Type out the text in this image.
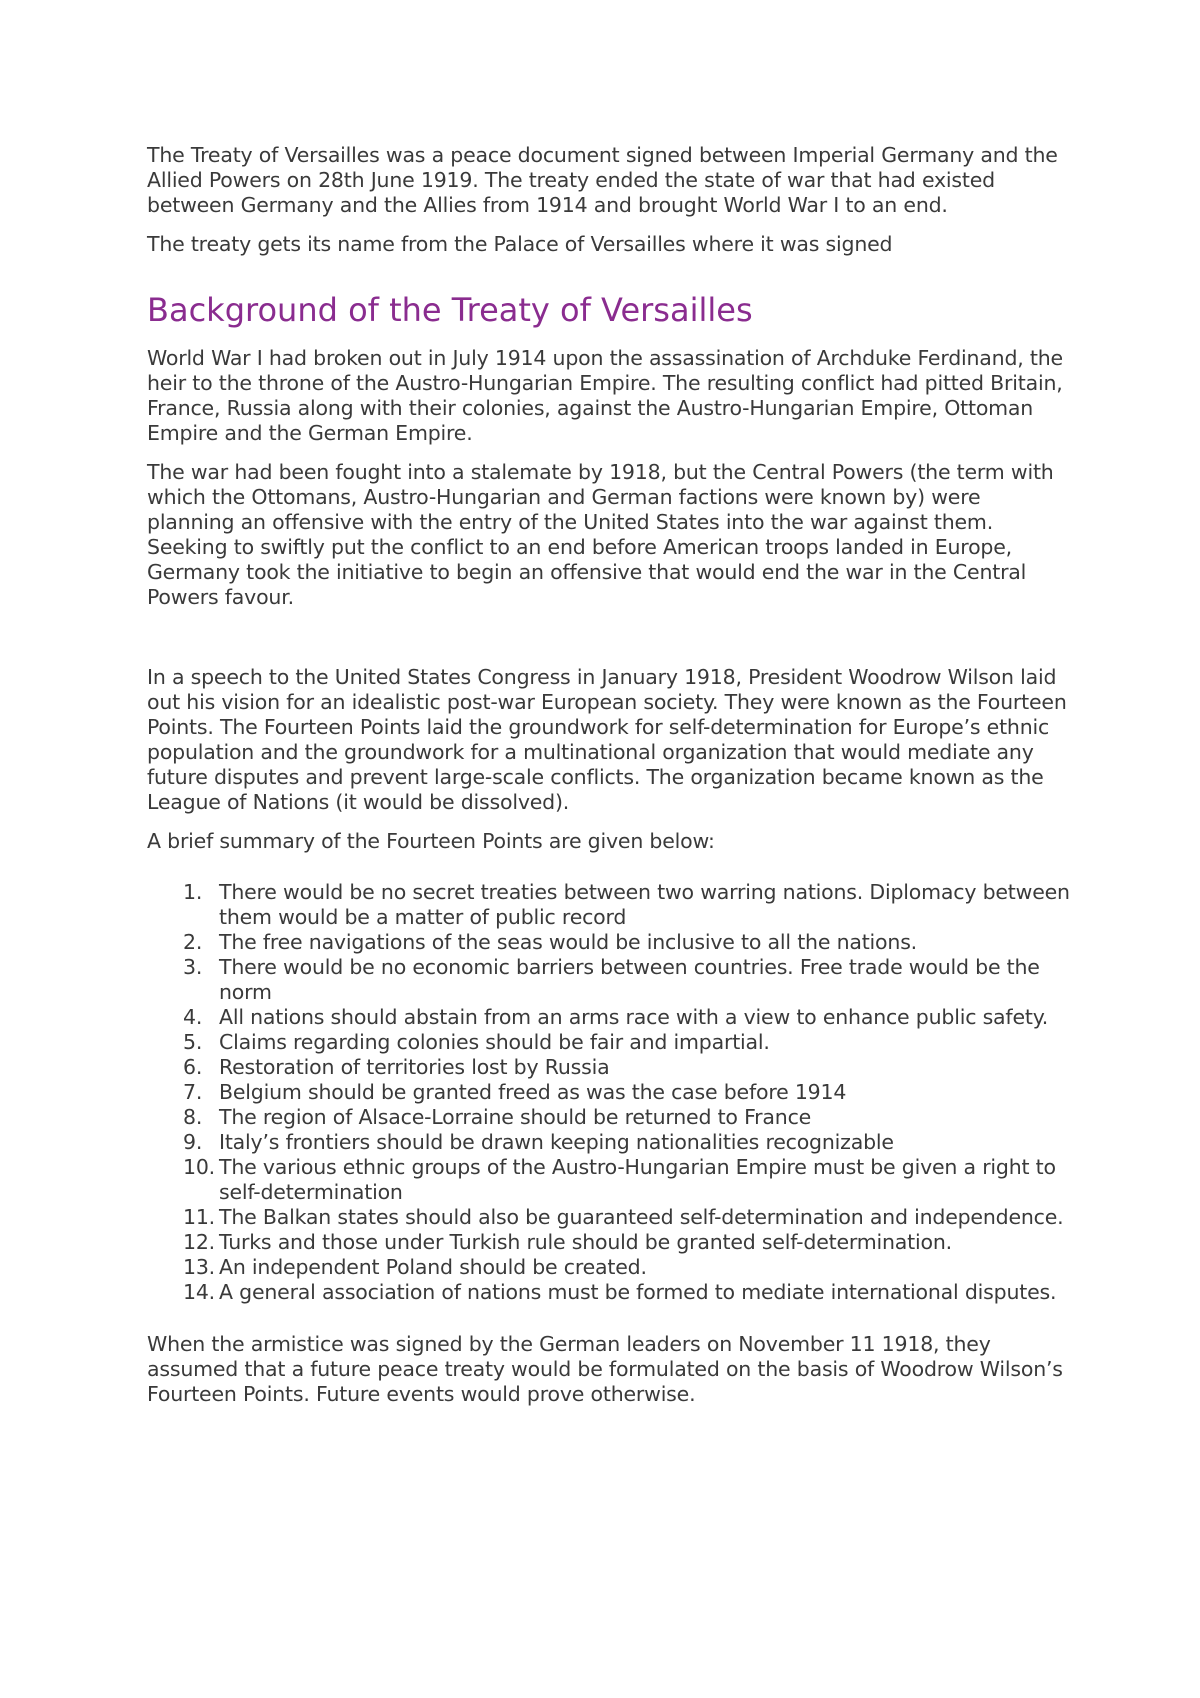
The Treaty of Versailles was a peace document signed between Imperial Germany and the Allied Powers on 28th June 1919. The treaty ended the state of war that had existed between Germany and the Allies from 1914 and brought World War I to an end.

The treaty gets its name from the Palace of Versailles where it was signed

Background of the Treaty of Versailles

World War I had broken out in July 1914 upon the assassination of Archduke Ferdinand, the heir to the throne of the Austro-Hungarian Empire. The resulting conflict had pitted Britain, France, Russia along with their colonies, against the Austro-Hungarian Empire, Ottoman Empire and the German Empire.

The war had been fought into a stalemate by 1918, but the Central Powers (the term with which the Ottomans, Austro-Hungarian and German factions were known by) were planning an offensive with the entry of the United States into the war against them. Seeking to swiftly put the conflict to an end before American troops landed in Europe, Germany took the initiative to begin an offensive that would end the war in the Central Powers favour.

In a speech to the United States Congress in January 1918, President Woodrow Wilson laid out his vision for an idealistic post-war European society. They were known as the Fourteen Points. The Fourteen Points laid the groundwork for self-determination for Europe’s ethnic population and the groundwork for a multinational organization that would mediate any future disputes and prevent large-scale conflicts. The organization became known as the League of Nations (it would be dissolved).

A brief summary of the Fourteen Points are given below:

1. There would be no secret treaties between two warring nations. Diplomacy between them would be a matter of public record
2. The free navigations of the seas would be inclusive to all the nations.
3. There would be no economic barriers between countries. Free trade would be the norm
4. All nations should abstain from an arms race with a view to enhance public safety.
5. Claims regarding colonies should be fair and impartial.
6. Restoration of territories lost by Russia
7. Belgium should be granted freed as was the case before 1914
8. The region of Alsace-Lorraine should be returned to France
9. Italy’s frontiers should be drawn keeping nationalities recognizable
10. The various ethnic groups of the Austro-Hungarian Empire must be given a right to self-determination
11. The Balkan states should also be guaranteed self-determination and independence.
12. Turks and those under Turkish rule should be granted self-determination.
13. An independent Poland should be created.
14. A general association of nations must be formed to mediate international disputes.

When the armistice was signed by the German leaders on November 11 1918, they assumed that a future peace treaty would be formulated on the basis of Woodrow Wilson’s Fourteen Points. Future events would prove otherwise.
